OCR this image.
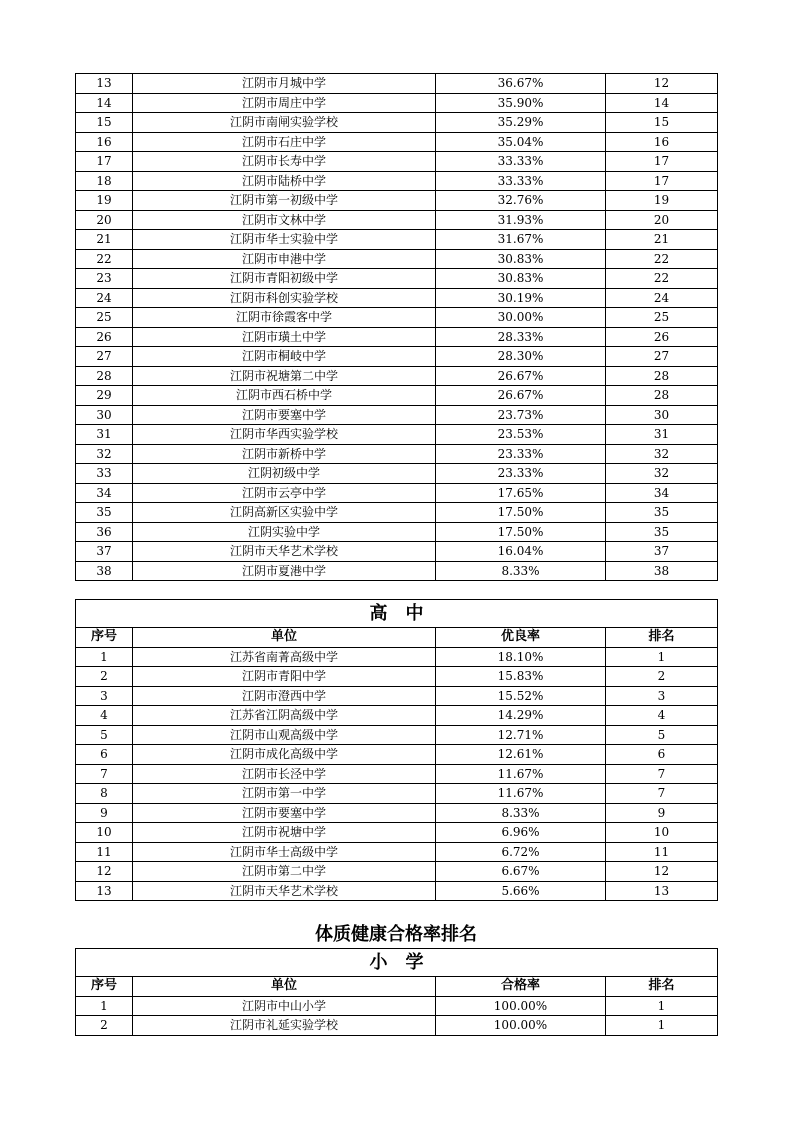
13	江阴市月城中学	36.67%	12
14	江阴市周庄中学	35.90%	14
15	江阴市南闸实验学校	35.29%	15
16	江阴市石庄中学	35.04%	16
17	江阴市长寿中学	33.33%	17
18	江阴市陆桥中学	33.33%	17
19	江阴市第一初级中学	32.76%	19
20	江阴市文林中学	31.93%	20
21	江阴市华士实验中学	31.67%	21
22	江阴市申港中学	30.83%	22
23	江阴市青阳初级中学	30.83%	22
24	江阴市科创实验学校	30.19%	24
25	江阴市徐霞客中学	30.00%	25
26	江阴市璜土中学	28.33%	26
27	江阴市桐岐中学	28.30%	27
28	江阴市祝塘第二中学	26.67%	28
29	江阴市西石桥中学	26.67%	28
30	江阴市要塞中学	23.73%	30
31	江阴市华西实验学校	23.53%	31
32	江阴市新桥中学	23.33%	32
33	江阴初级中学	23.33%	32
34	江阴市云亭中学	17.65%	34
35	江阴高新区实验中学	17.50%	35
36	江阴实验中学	17.50%	35
37	江阴市天华艺术学校	16.04%	37
38	江阴市夏港中学	8.33%	38
高中			
序号	单位	优良率	排名
1	江苏省南菁高级中学	18.10%	1
2	江阴市青阳中学	15.83%	2
3	江阴市澄西中学	15.52%	3
4	江苏省江阴高级中学	14.29%	4
5	江阴市山观高级中学	12.71%	5
6	江阴市成化高级中学	12.61%	6
7	江阴市长泾中学	11.67%	7
8	江阴市第一中学	11.67%	7
9	江阴市要塞中学	8.33%	9
10	江阴市祝塘中学	6.96%	10
11	江阴市华士高级中学	6.72%	11
12	江阴市第二中学	6.67%	12
13	江阴市天华艺术学校	5.66%	13
体质健康合格率排名
小学			
序号	单位	合格率	排名
1	江阴市中山小学	100.00%	1
2	江阴市礼延实验学校	100.00%	1
